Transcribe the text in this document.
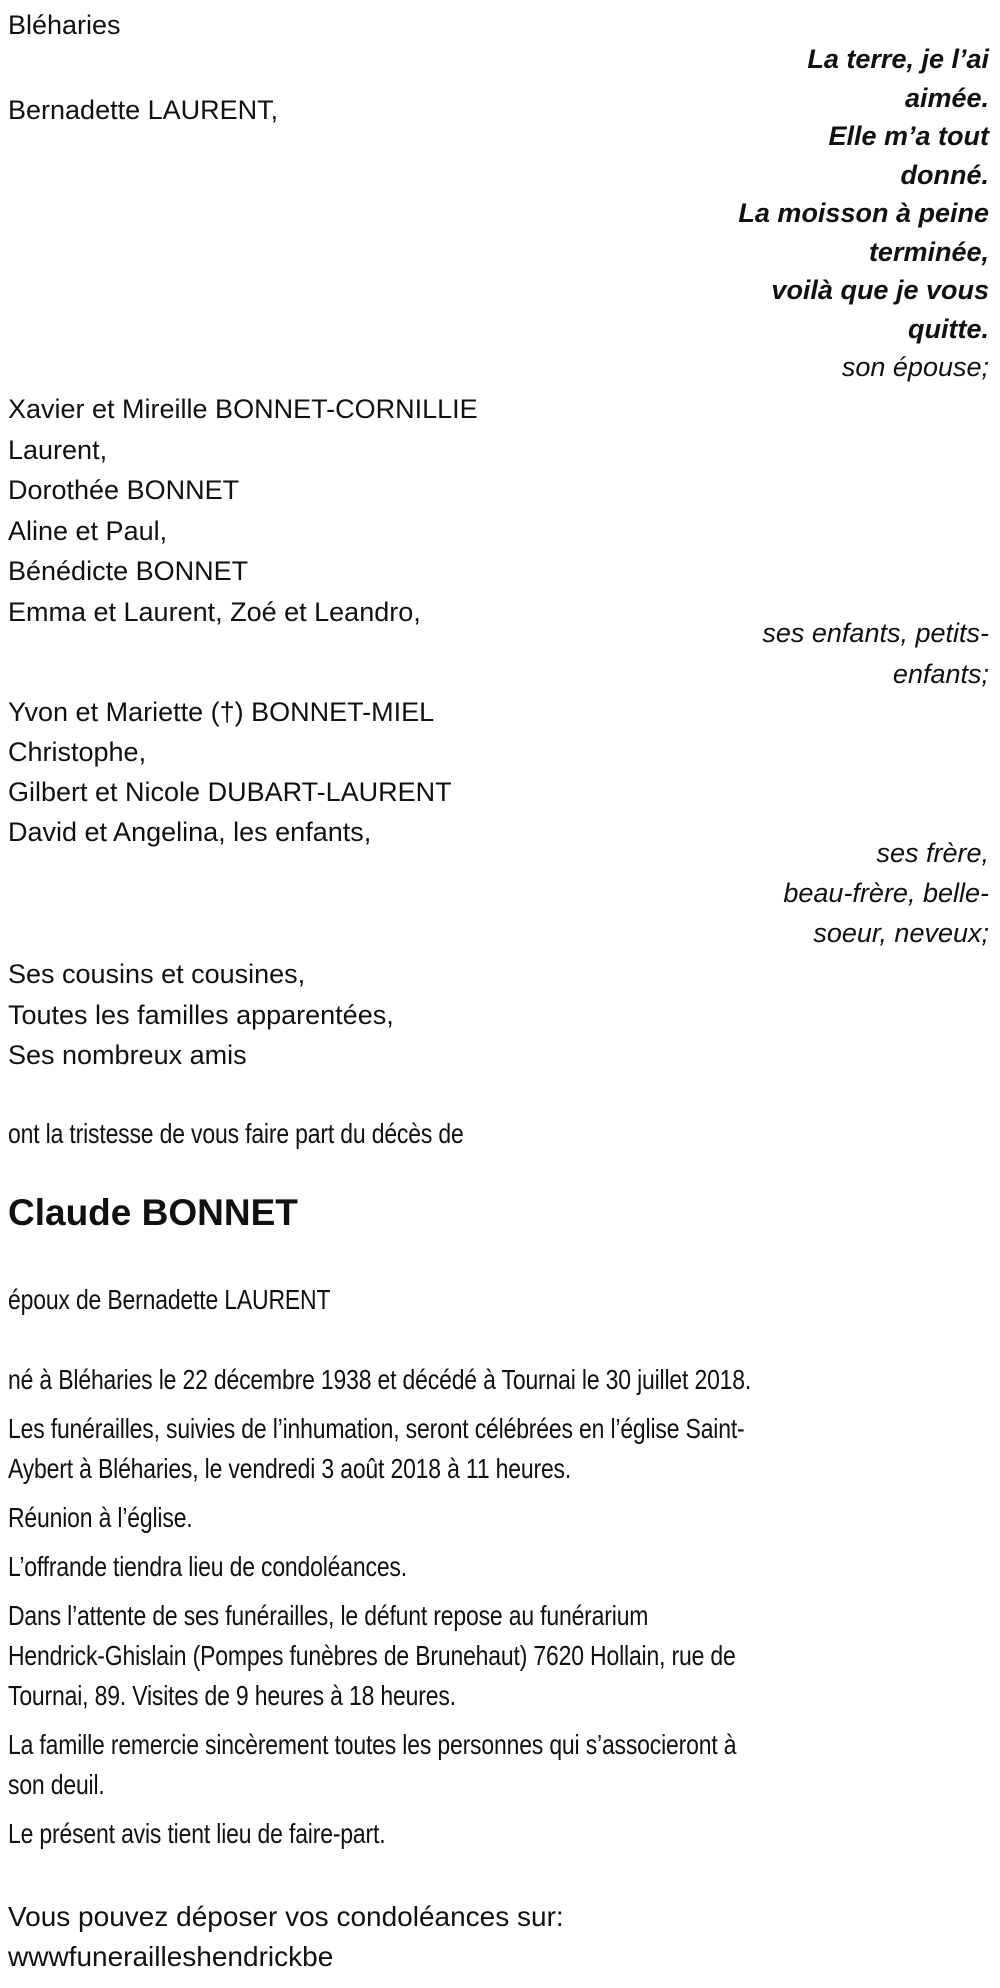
Bléharies
Bernadette LAURENT,
La terre, je l’ai
aimée.
Elle m’a tout
donné.
La moisson à peine
terminée,
voilà que je vous
quitte.
son épouse;
Xavier et Mireille BONNET-CORNILLIE
Laurent,
Dorothée BONNET
Aline et Paul,
Bénédicte BONNET
Emma et Laurent, Zoé et Leandro,
ses enfants, petits-
enfants;
Yvon et Mariette (†) BONNET-MIEL
Christophe,
Gilbert et Nicole DUBART-LAURENT
David et Angelina, les enfants,
ses frère,
beau-frère, belle-
soeur, neveux;
Ses cousins et cousines,
Toutes les familles apparentées,
Ses nombreux amis
ont la tristesse de vous faire part du décès de
Claude BONNET
époux de Bernadette LAURENT
né à Bléharies le 22 décembre 1938 et décédé à Tournai le 30 juillet 2018.
Les funérailles, suivies de l’inhumation, seront célébrées en l’église Saint-
Aybert à Bléharies, le vendredi 3 août 2018 à 11 heures.
Réunion à l’église.
L’offrande tiendra lieu de condoléances.
Dans l’attente de ses funérailles, le défunt repose au funérarium
Hendrick-Ghislain (Pompes funèbres de Brunehaut) 7620 Hollain, rue de
Tournai, 89. Visites de 9 heures à 18 heures.
La famille remercie sincèrement toutes les personnes qui s’associeront à
son deuil.
Le présent avis tient lieu de faire-part.
Vous pouvez déposer vos condoléances sur:
wwwfunerailleshendrickbe
